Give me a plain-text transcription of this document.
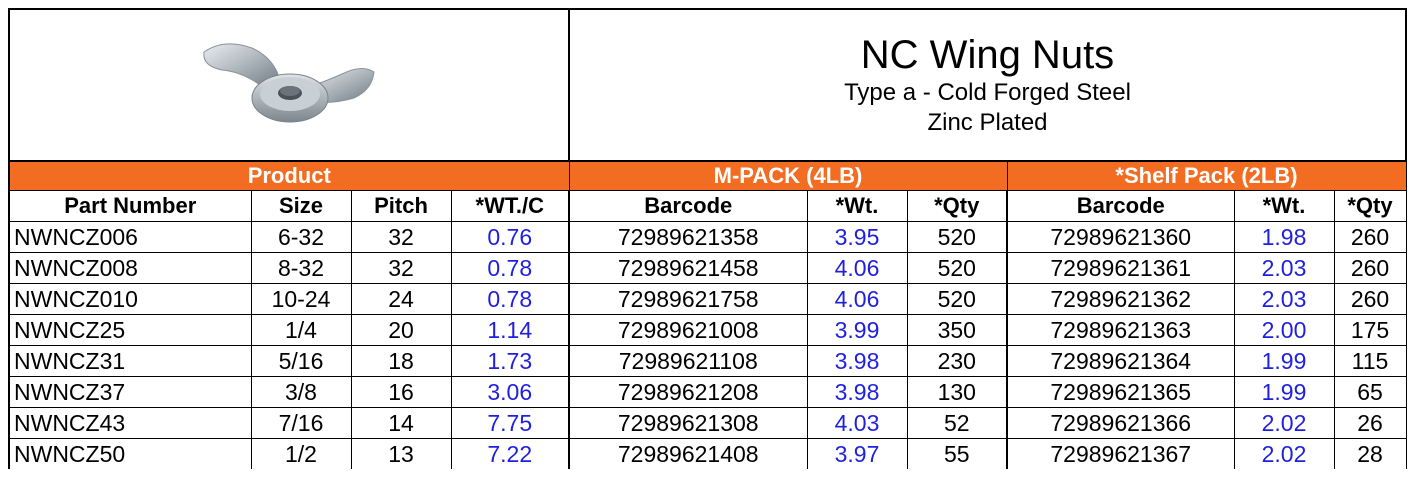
NC Wing Nuts
Type a - Cold Forged Steel
Zinc Plated					

Product				M-PACK (4LB)			*Shelf Pack (2LB)		
Part Number	Size	Pitch	*WT./C	Barcode	*Wt.	*Qty	Barcode	*Wt.	*Qty
NWNCZ006	6-32	32	0.76	72989621358	3.95	520	72989621360	1.98	260
NWNCZ008	8-32	32	0.78	72989621458	4.06	520	72989621361	2.03	260
NWNCZ010	10-24	24	0.78	72989621758	4.06	520	72989621362	2.03	260
NWNCZ25	1/4	20	1.14	72989621008	3.99	350	72989621363	2.00	175
NWNCZ31	5/16	18	1.73	72989621108	3.98	230	72989621364	1.99	115
NWNCZ37	3/8	16	3.06	72989621208	3.98	130	72989621365	1.99	65
NWNCZ43	7/16	14	7.75	72989621308	4.03	52	72989621366	2.02	26
NWNCZ50	1/2	13	7.22	72989621408	3.97	55	72989621367	2.02	28
